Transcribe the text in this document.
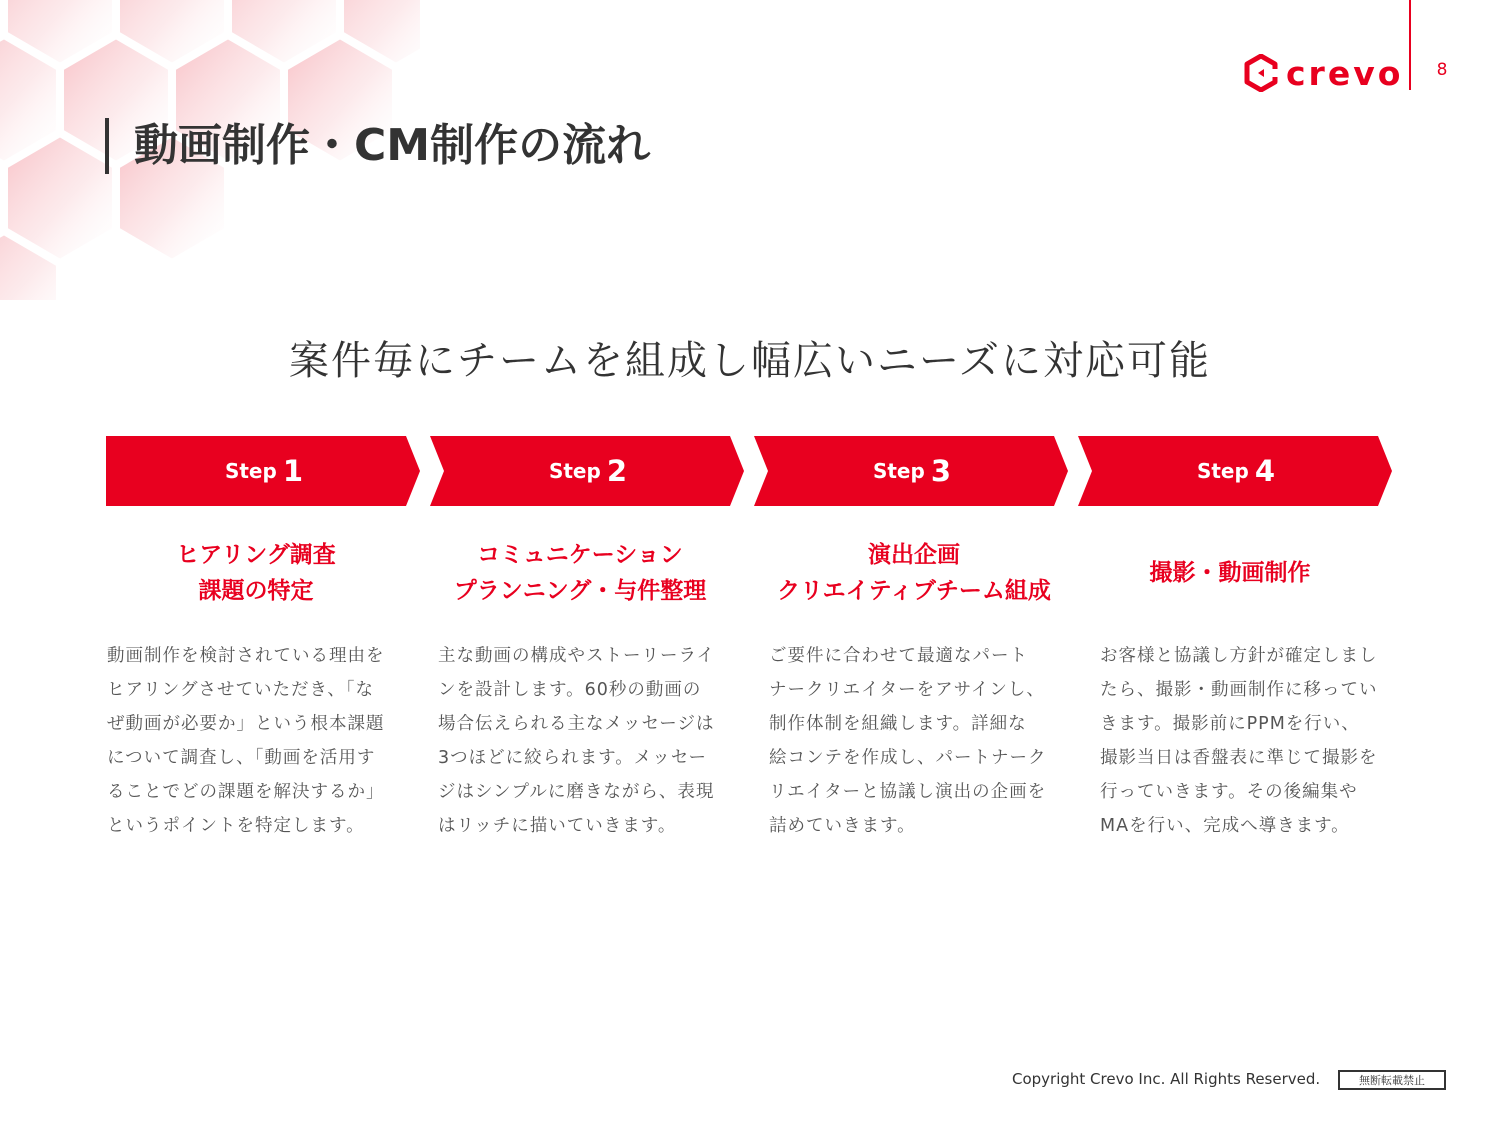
crevo	8
動画制作・CM制作の流れ
案件毎にチームを組成し幅広いニーズに対応可能
Step 1
ヒアリング調査
課題の特定
動画制作を検討されている理由を
ヒアリングさせていただき、「な
ぜ動画が必要か」という根本課題
について調査し、「動画を活用す
ることでどの課題を解決するか」
というポイントを特定します。
Step 2
コミュニケーション
プランニング・与件整理
主な動画の構成やストーリーライ
ンを設計します。60秒の動画の
場合伝えられる主なメッセージは
3つほどに絞られます。メッセー
ジはシンプルに磨きながら、表現
はリッチに描いていきます。
Step 3
演出企画
クリエイティブチーム組成
ご要件に合わせて最適なパート
ナークリエイターをアサインし、
制作体制を組織します。詳細な
絵コンテを作成し、パートナーク
リエイターと協議し演出の企画を
詰めていきます。
Step 4
撮影・動画制作
お客様と協議し方針が確定しまし
たら、撮影・動画制作に移ってい
きます。撮影前にPPMを行い、
撮影当日は香盤表に準じて撮影を
行っていきます。その後編集や
MAを行い、完成へ導きます。
Copyright Crevo Inc. All Rights Reserved.	無断転載禁止
